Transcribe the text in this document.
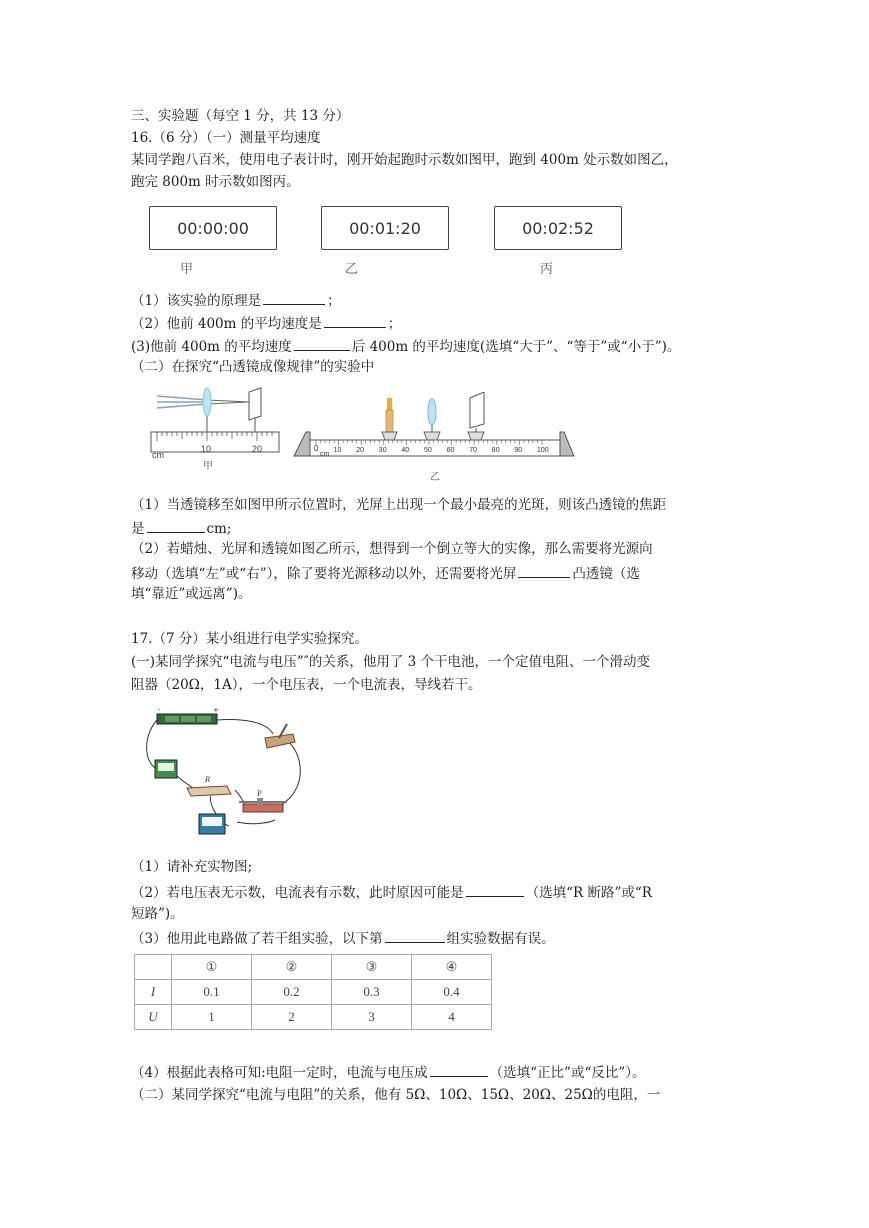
三、实验题（每空 1 分，共 13 分）
16.（6 分）（一）测量平均速度
某同学跑八百米，使用电子表计时，刚开始起跑时示数如图甲，跑到 400m 处示数如图乙，
跑完 800m 时示数如图丙。
00:00:00	00:01:20	00:02:52
甲	乙	丙
（1）该实验的原理是	；
（2）他前 400m 的平均速度是	；
(3)他前 400m 的平均速度	后 400m 的平均速度(选填“大于”、“等于”或“小于”)。
（二）在探究“凸透镜成像规律”的实验中
cm
10	20
甲
0
cm
10 20 30 40 50 60 70 80 90 100
乙
（1）当透镜移至如图甲所示位置时，光屏上出现一个最小最亮的光斑，则该凸透镜的焦距
是	cm;
（2）若蜡烛、光屏和透镜如图乙所示，想得到一个倒立等大的实像，那么需要将光源向
移动（选填“左”或“右”），除了要将光源移动以外，还需要将光屏	凸透镜（选
填“靠近”或远离”)。
17.（7 分）某小组进行电学实验探究。
(一)某同学探究“电流与电压”″的关系，他用了 3 个干电池，一个定值电阻、一个滑动变
阻器（20Ω，1A），一个电压表，一个电流表，导线若干。
-	+
R
P
（1）请补充实物图;
（2）若电压表无示数，电流表有示数，此时原因可能是	（选填“R 断路”或“R
短路”)。
（3）他用此电路做了若干组实验，以下第	组实验数据有误。
	①	②	③	④
I	0.1	0.2	0.3	0.4
U	1	2	3	4
（4）根据此表格可知:电阻一定时，电流与电压成	（选填“正比”或“反比”）。
（二）某同学探究“电流与电阻”的关系，他有 5Ω、10Ω、15Ω、20Ω、25Ω的电阻，一
